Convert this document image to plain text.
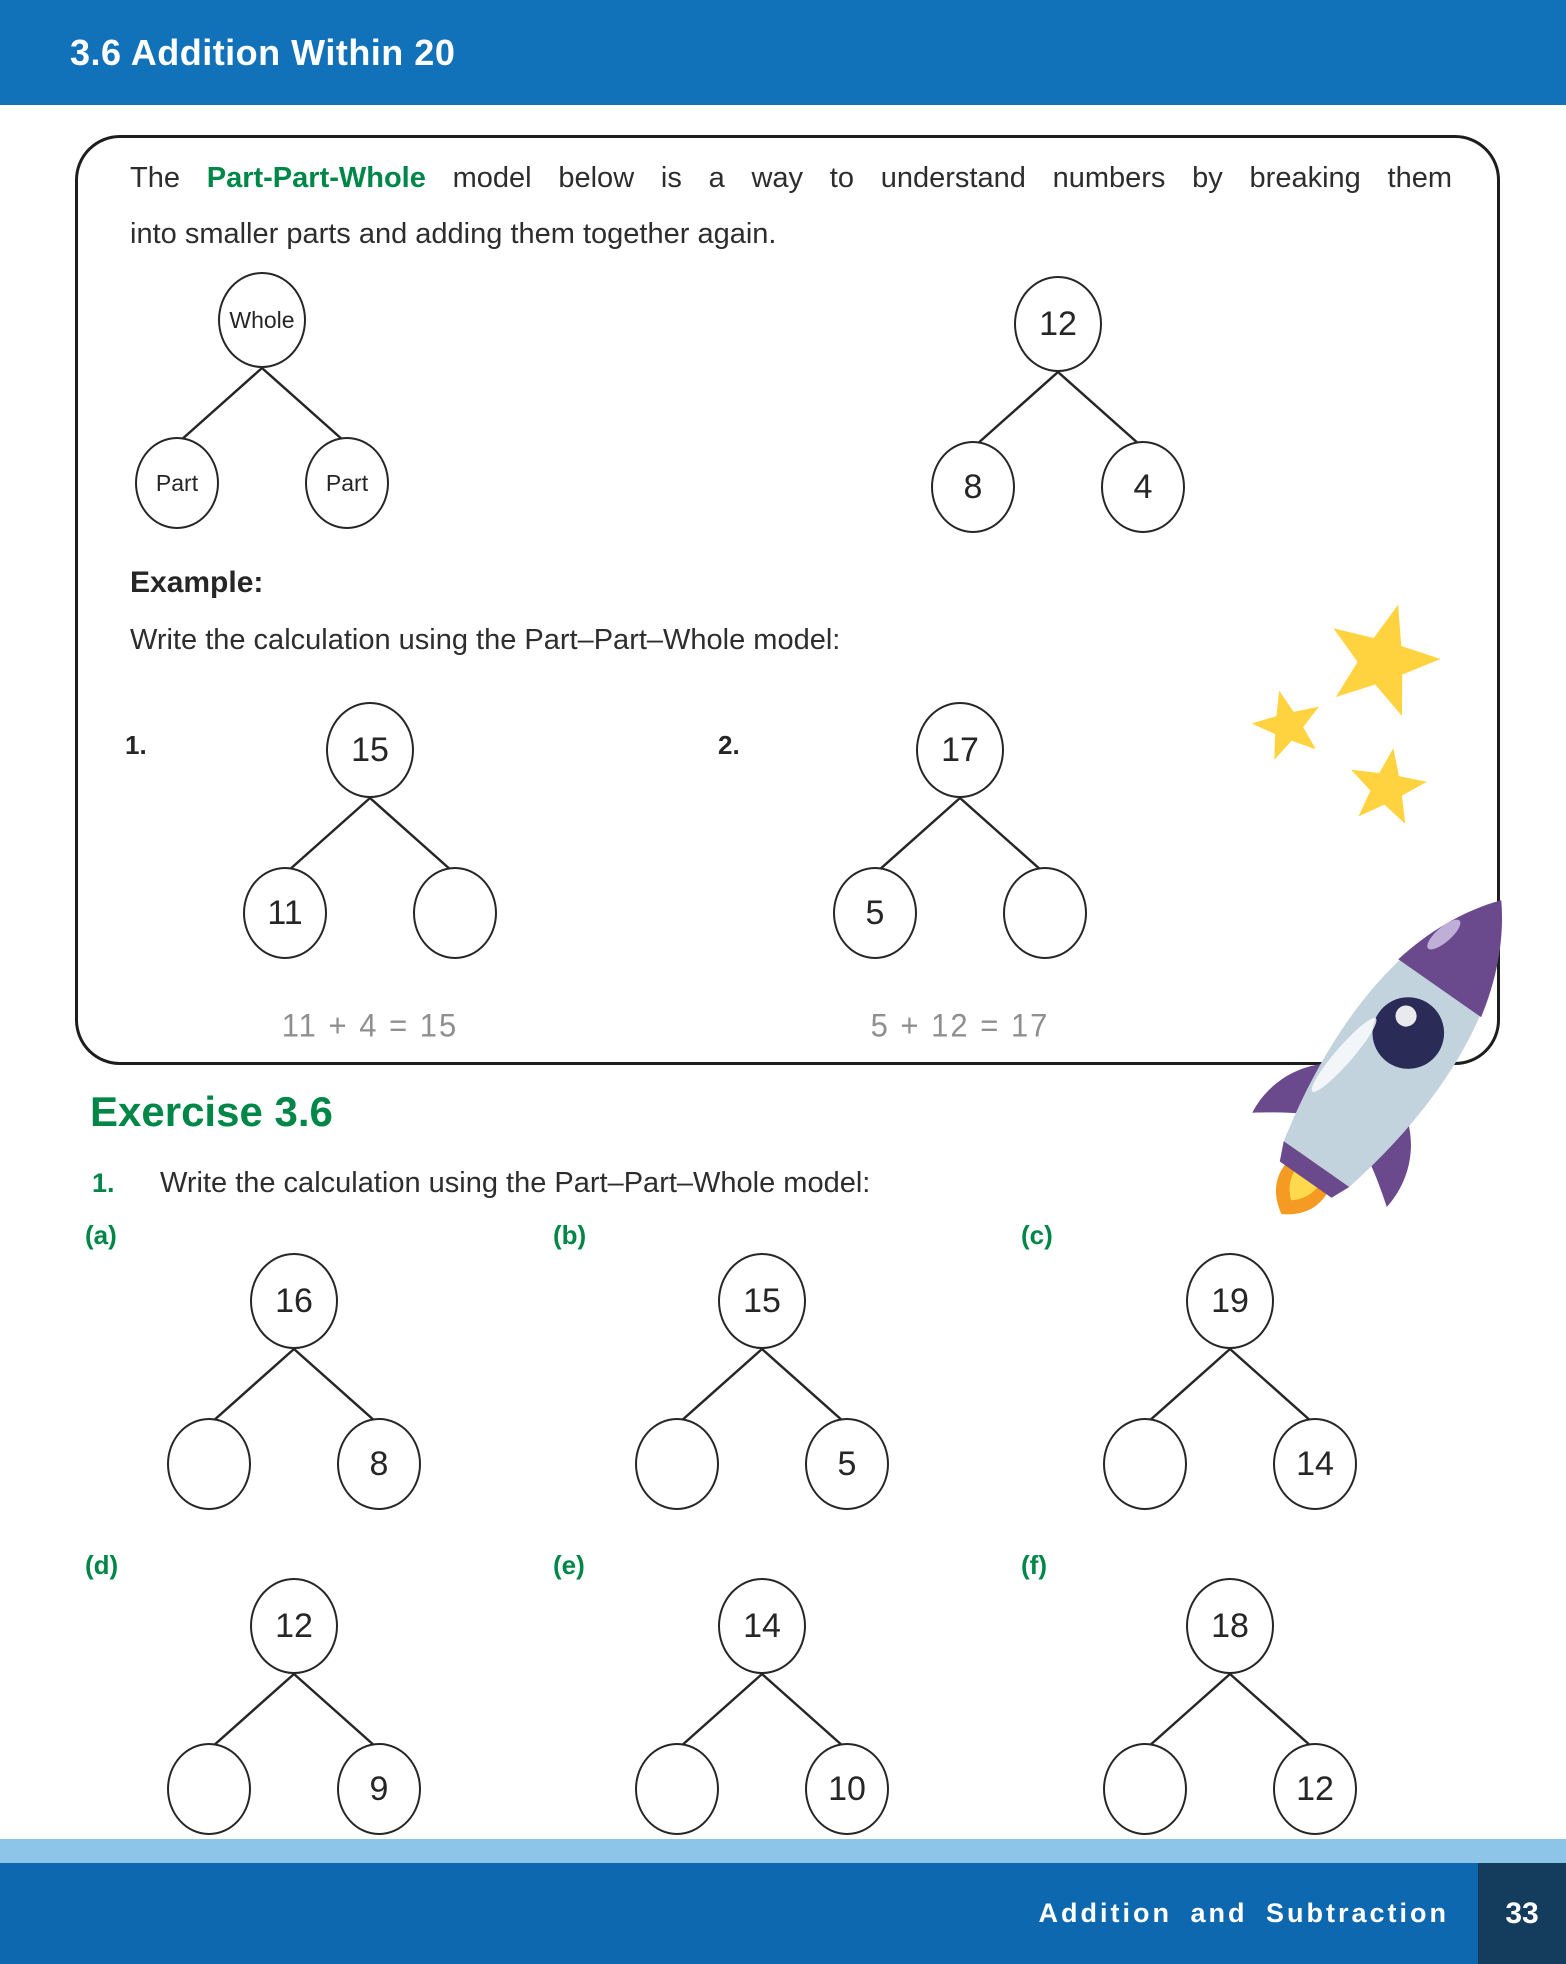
3.6 Addition Within 20
The Part-Part-Whole model below is a way to understand numbers by breaking them
into smaller parts and adding them together again.
Whole
Part	Part
12
8	4
Example:
Write the calculation using the Part–Part–Whole model:
1.	15
11
11 + 4 = 15
2.	17
5
5 + 12 = 17
Exercise 3.6
1. Write the calculation using the Part–Part–Whole model:
(a)	(b)	(c)
16
8
15
5
19
14
(d)	(e)	(f)
12
9
14
10
18
12
Addition and Subtraction 33
